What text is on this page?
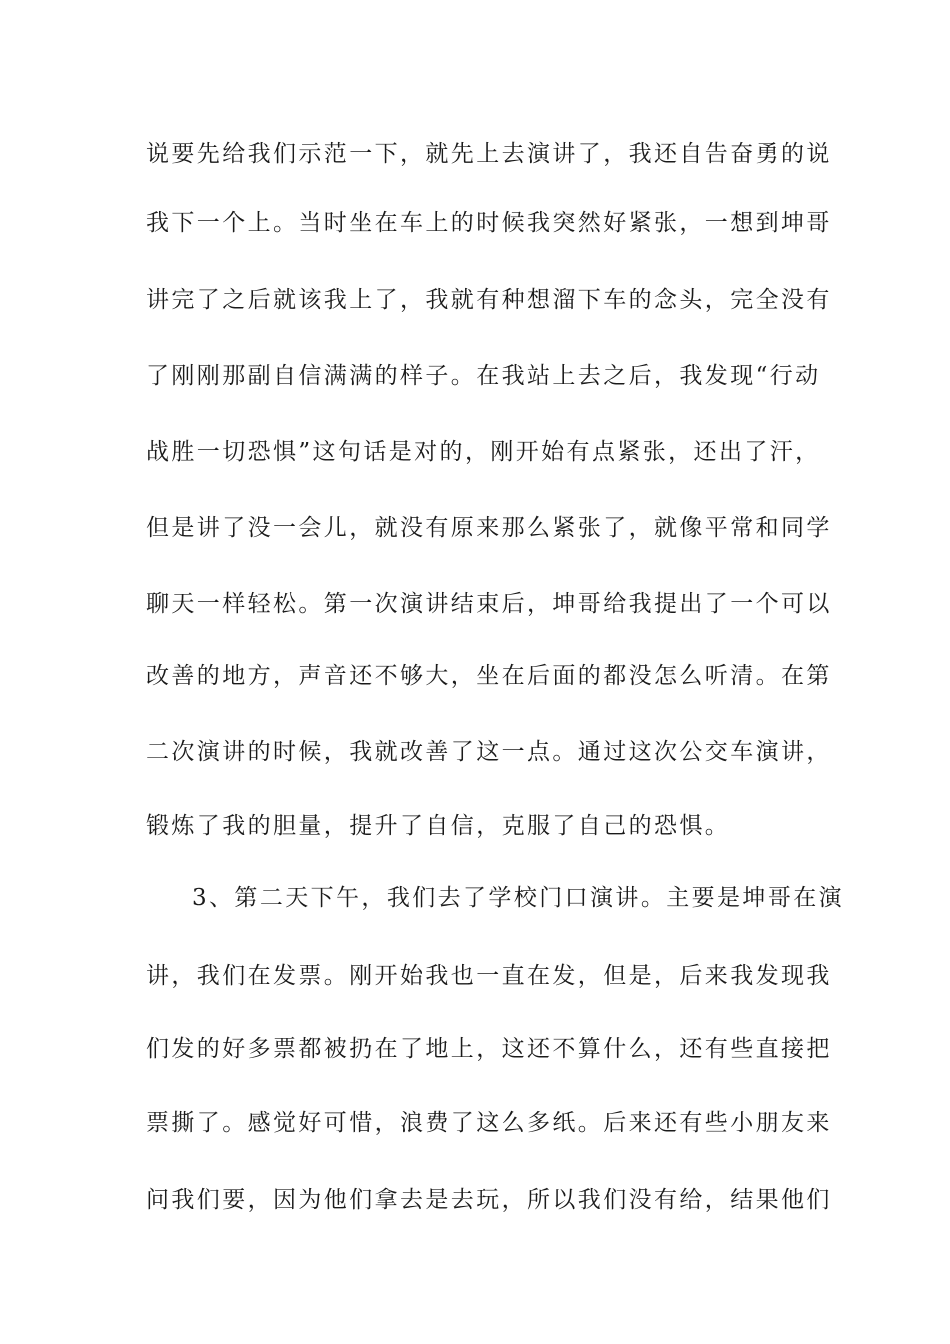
说要先给我们示范一下，就先上去演讲了，我还自告奋勇的说
我下一个上。当时坐在车上的时候我突然好紧张，一想到坤哥
讲完了之后就该我上了，我就有种想溜下车的念头，完全没有
了刚刚那副自信满满的样子。在我站上去之后，我发现“行动
战胜一切恐惧”这句话是对的，刚开始有点紧张，还出了汗，
但是讲了没一会儿，就没有原来那么紧张了，就像平常和同学
聊天一样轻松。第一次演讲结束后，坤哥给我提出了一个可以
改善的地方，声音还不够大，坐在后面的都没怎么听清。在第
二次演讲的时候，我就改善了这一点。通过这次公交车演讲，
锻炼了我的胆量，提升了自信，克服了自己的恐惧。
3、第二天下午，我们去了学校门口演讲。主要是坤哥在演
讲，我们在发票。刚开始我也一直在发，但是，后来我发现我
们发的好多票都被扔在了地上，这还不算什么，还有些直接把
票撕了。感觉好可惜，浪费了这么多纸。后来还有些小朋友来
问我们要，因为他们拿去是去玩，所以我们没有给，结果他们
